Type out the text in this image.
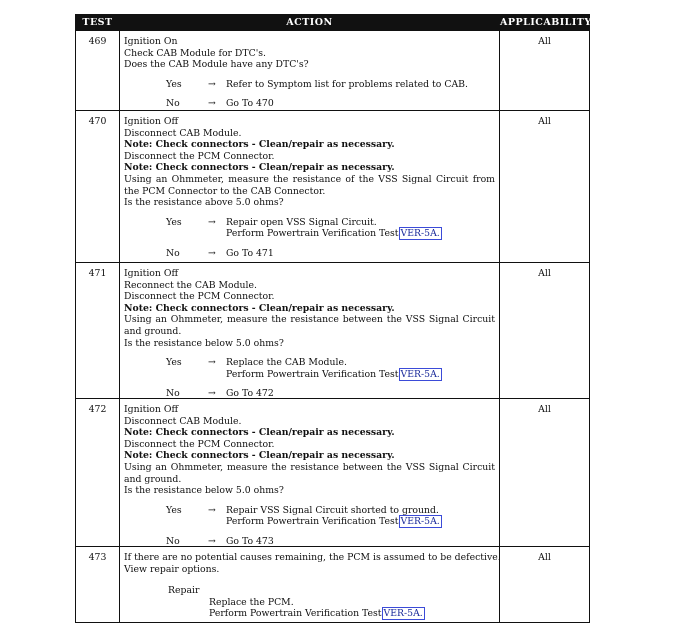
TEST	ACTION	APPLICABILITY
469	Ignition On
Check CAB Module for DTC's.
Does the CAB Module have any DTC's?
Yes	→	Refer to Symptom list for problems related to CAB.
No	→	Go To 470
All
470	Ignition Off
Disconnect CAB Module.
Note: Check connectors - Clean/repair as necessary.
Disconnect the PCM Connector.
Note: Check connectors - Clean/repair as necessary.
Using an Ohmmeter, measure the resistance of the VSS Signal Circuit from the PCM Connector to the CAB Connector.
Is the resistance above 5.0 ohms?
Yes	→	Repair open VSS Signal Circuit.
Perform Powertrain Verification Test VER-5A.
No	→	Go To 471
All
471	Ignition Off
Reconnect the CAB Module.
Disconnect the PCM Connector.
Note: Check connectors - Clean/repair as necessary.
Using an Ohmmeter, measure the resistance between the VSS Signal Circuit and ground.
Is the resistance below 5.0 ohms?
Yes	→	Replace the CAB Module.
Perform Powertrain Verification Test VER-5A.
No	→	Go To 472
All
472	Ignition Off
Disconnect CAB Module.
Note: Check connectors - Clean/repair as necessary.
Disconnect the PCM Connector.
Note: Check connectors - Clean/repair as necessary.
Using an Ohmmeter, measure the resistance between the VSS Signal Circuit and ground.
Is the resistance below 5.0 ohms?
Yes	→	Repair VSS Signal Circuit shorted to ground.
Perform Powertrain Verification Test VER-5A.
No	→	Go To 473
All
473	If there are no potential causes remaining, the PCM is assumed to be defective.
View repair options.
Repair
Replace the PCM.
Perform Powertrain Verification Test VER-5A.
All
